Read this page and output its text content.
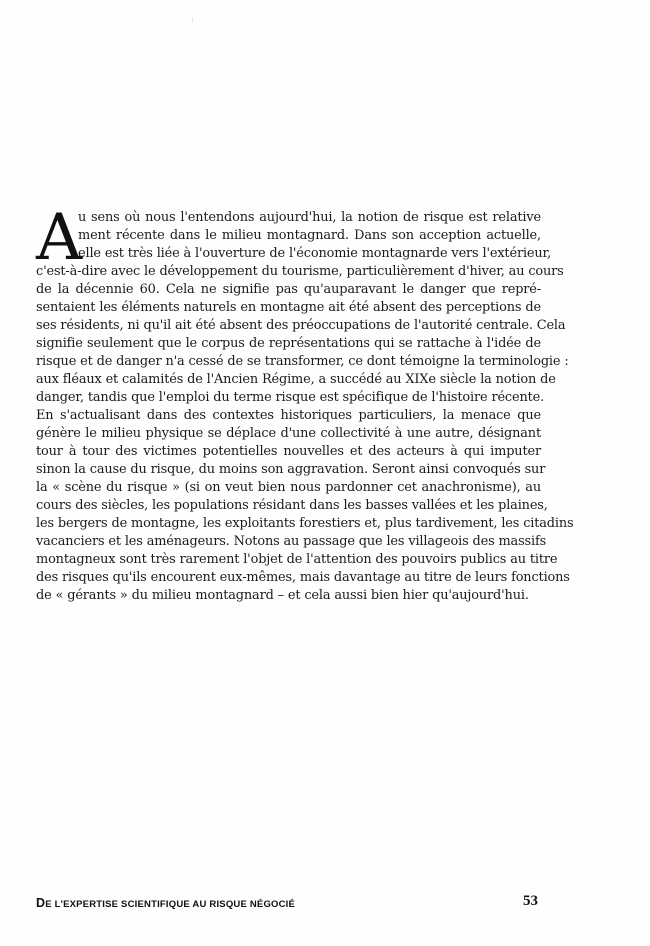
A
u sens où nous l'entendons aujourd'hui, la notion de risque est relative
ment récente dans le milieu montagnard. Dans son acception actuelle,
elle est très liée à l'ouverture de l'économie montagnarde vers l'extérieur,
c'est-à-dire avec le développement du tourisme, particulièrement d'hiver, au cours
de la décennie 60. Cela ne signifie pas qu'auparavant le danger que repré-
sentaient les éléments naturels en montagne ait été absent des perceptions de
ses résidents, ni qu'il ait été absent des préoccupations de l'autorité centrale. Cela
signifie seulement que le corpus de représentations qui se rattache à l'idée de
risque et de danger n'a cessé de se transformer, ce dont témoigne la terminologie :
aux fléaux et calamités de l'Ancien Régime, a succédé au XIXe siècle la notion de
danger, tandis que l'emploi du terme risque est spécifique de l'histoire récente.
En s'actualisant dans des contextes historiques particuliers, la menace que
génère le milieu physique se déplace d'une collectivité à une autre, désignant
tour à tour des victimes potentielles nouvelles et des acteurs à qui imputer
sinon la cause du risque, du moins son aggravation. Seront ainsi convoqués sur
la « scène du risque » (si on veut bien nous pardonner cet anachronisme), au
cours des siècles, les populations résidant dans les basses vallées et les plaines,
les bergers de montagne, les exploitants forestiers et, plus tardivement, les citadins
vacanciers et les aménageurs. Notons au passage que les villageois des massifs
montagneux sont très rarement l'objet de l'attention des pouvoirs publics au titre
des risques qu'ils encourent eux-mêmes, mais davantage au titre de leurs fonctions
de « gérants » du milieu montagnard – et cela aussi bien hier qu'aujourd'hui.
DE L'EXPERTISE SCIENTIFIQUE AU RISQUE NÉGOCIÉ	53
